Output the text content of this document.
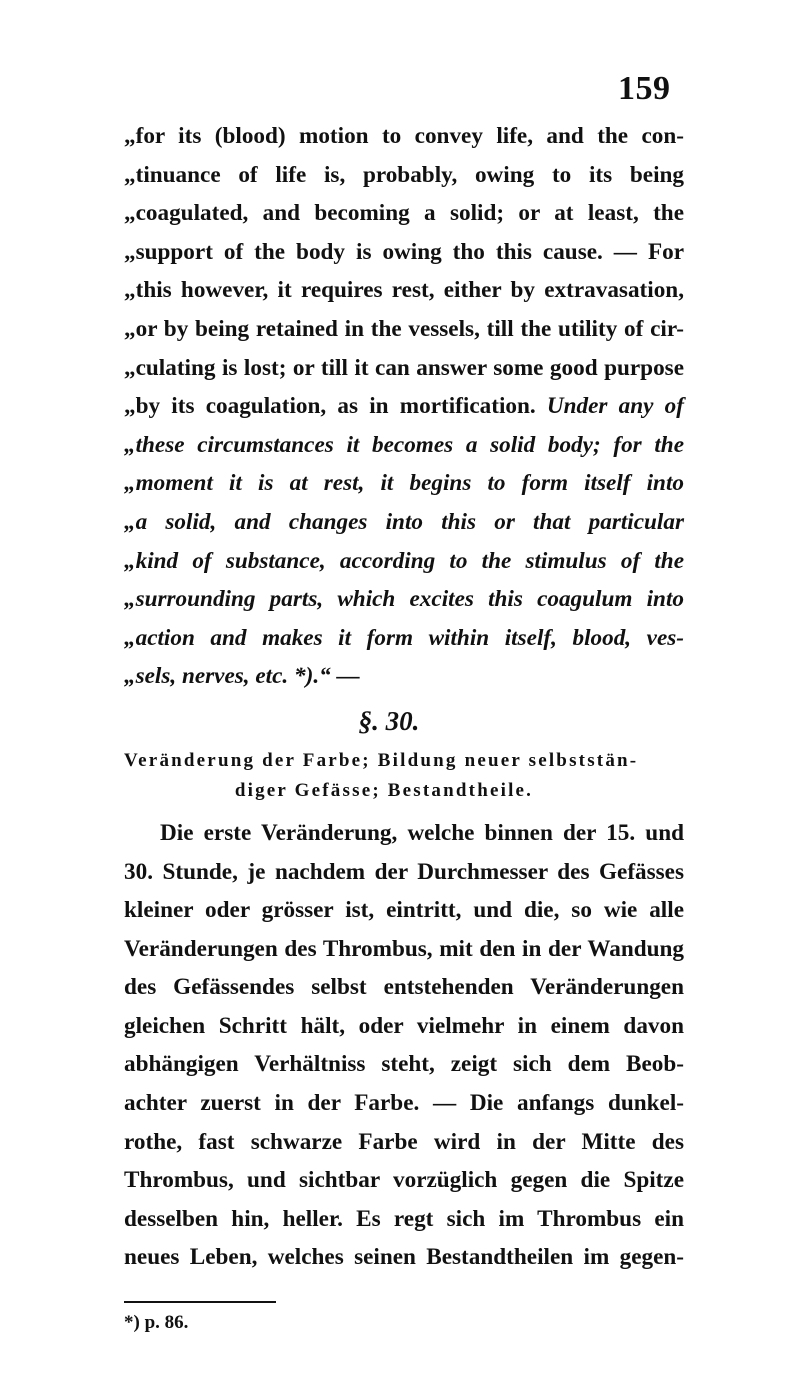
159
„for its (blood) motion to convey life, and the con-
„tinuance of life is, probably, owing to its being
„coagulated, and becoming a solid; or at least, the
„support of the body is owing tho this cause. — For
„this however, it requires rest, either by extravasation,
„or by being retained in the vessels, till the utility of cir-
„culating is lost; or till it can answer some good purpose
„by its coagulation, as in mortification. Under any of
„these circumstances it becomes a solid body; for the
„moment it is at rest, it begins to form itself into
„a solid, and changes into this or that particular
„kind of substance, according to the stimulus of the
„surrounding parts, which excites this coagulum into
„action and makes it form within itself, blood, ves-
„sels, nerves, etc. *).“ —
§. 30.
Veränderung der Farbe; Bildung neuer selbststän-
diger Gefässe; Bestandtheile.
Die erste Veränderung, welche binnen der 15. und
30. Stunde, je nachdem der Durchmesser des Gefässes
kleiner oder grösser ist, eintritt, und die, so wie alle
Veränderungen des Thrombus, mit den in der Wandung
des Gefässendes selbst entstehenden Veränderungen
gleichen Schritt hält, oder vielmehr in einem davon
abhängigen Verhältniss steht, zeigt sich dem Beob-
achter zuerst in der Farbe. — Die anfangs dunkel-
rothe, fast schwarze Farbe wird in der Mitte des
Thrombus, und sichtbar vorzüglich gegen die Spitze
desselben hin, heller. Es regt sich im Thrombus ein
neues Leben, welches seinen Bestandtheilen im gegen-
*) p. 86.
